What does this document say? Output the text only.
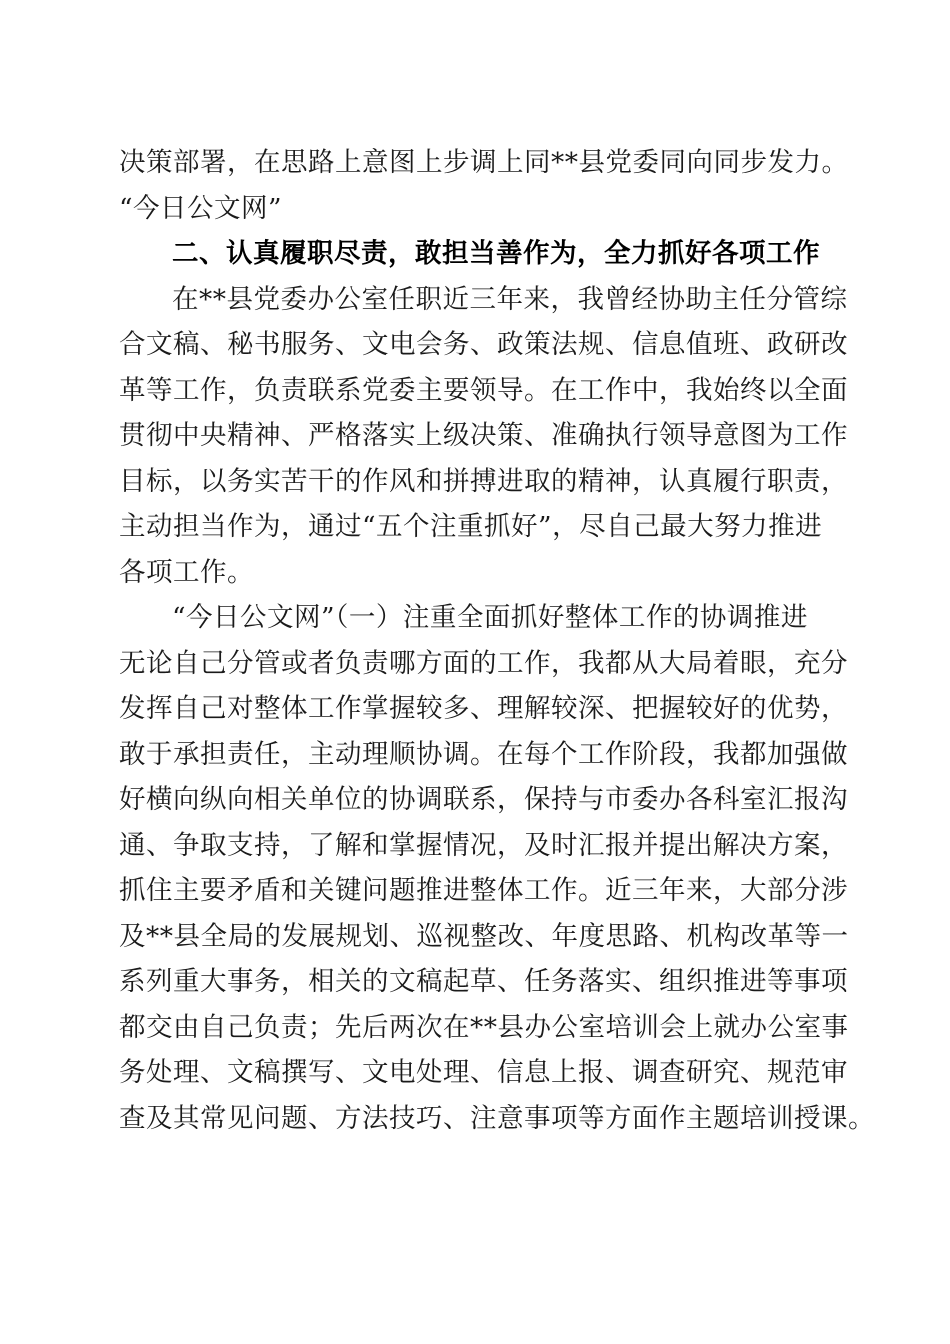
决策部署，在思路上意图上步调上同**县党委同向同步发力。
“今日公文网”
二、认真履职尽责，敢担当善作为，全力抓好各项工作
在**县党委办公室任职近三年来，我曾经协助主任分管综
合文稿、秘书服务、文电会务、政策法规、信息值班、政研改
革等工作，负责联系党委主要领导。在工作中，我始终以全面
贯彻中央精神、严格落实上级决策、准确执行领导意图为工作
目标，以务实苦干的作风和拼搏进取的精神，认真履行职责，
主动担当作为，通过“五个注重抓好”，尽自己最大努力推进
各项工作。
“今日公文网”（一）注重全面抓好整体工作的协调推进
无论自己分管或者负责哪方面的工作，我都从大局着眼，充分
发挥自己对整体工作掌握较多、理解较深、把握较好的优势，
敢于承担责任，主动理顺协调。在每个工作阶段，我都加强做
好横向纵向相关单位的协调联系，保持与市委办各科室汇报沟
通、争取支持，了解和掌握情况，及时汇报并提出解决方案，
抓住主要矛盾和关键问题推进整体工作。近三年来，大部分涉
及**县全局的发展规划、巡视整改、年度思路、机构改革等一
系列重大事务，相关的文稿起草、任务落实、组织推进等事项
都交由自己负责；先后两次在**县办公室培训会上就办公室事
务处理、文稿撰写、文电处理、信息上报、调查研究、规范审
查及其常见问题、方法技巧、注意事项等方面作主题培训授课。
